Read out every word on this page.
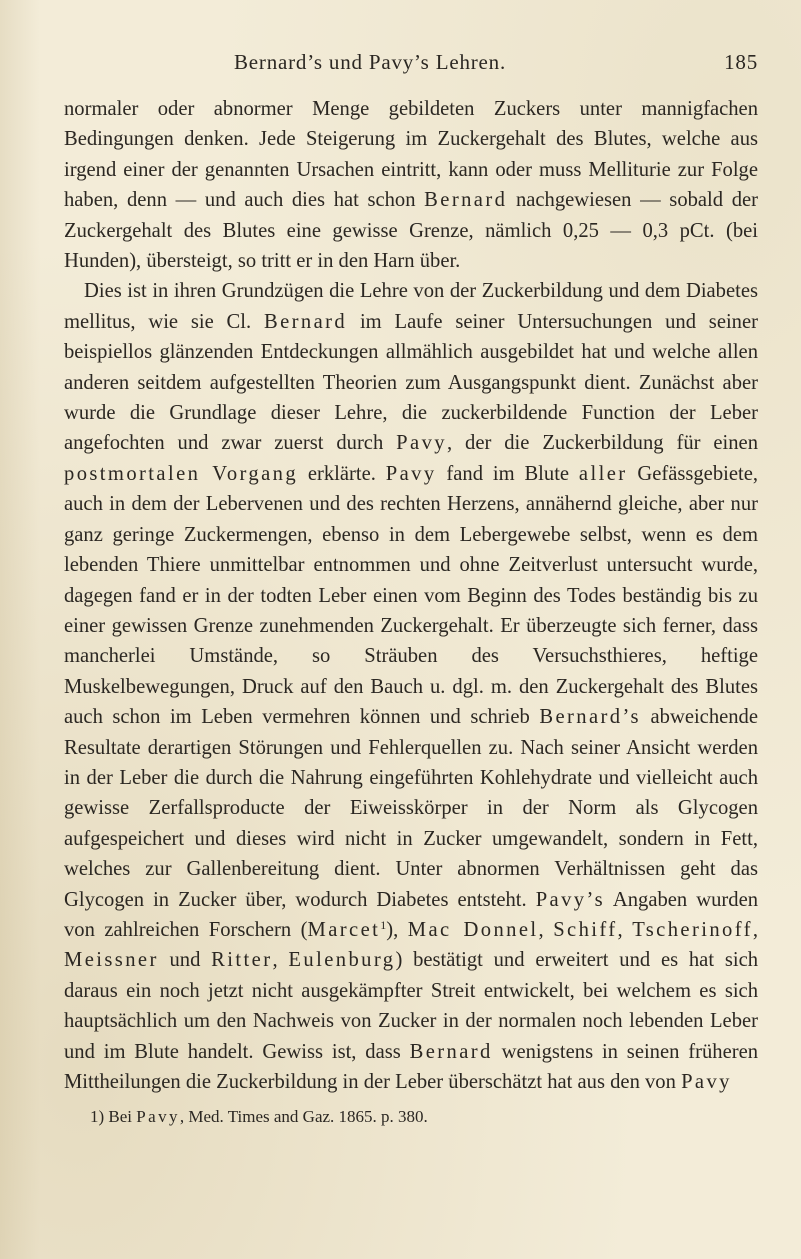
Bernard’s und Pavy’s Lehren.	185

normaler oder abnormer Menge gebildeten Zuckers unter mannigfachen Bedingungen denken. Jede Steigerung im Zuckergehalt des Blutes, welche aus irgend einer der genannten Ursachen eintritt, kann oder muss Melliturie zur Folge haben, denn — und auch dies hat schon Bernard nachgewiesen — sobald der Zuckergehalt des Blutes eine gewisse Grenze, nämlich 0,25 — 0,3 pCt. (bei Hunden), übersteigt, so tritt er in den Harn über.

Dies ist in ihren Grundzügen die Lehre von der Zuckerbildung und dem Diabetes mellitus, wie sie Cl. Bernard im Laufe seiner Untersuchungen und seiner beispiellos glänzenden Entdeckungen allmählich ausgebildet hat und welche allen anderen seitdem aufgestellten Theorien zum Ausgangspunkt dient. Zunächst aber wurde die Grundlage dieser Lehre, die zuckerbildende Function der Leber angefochten und zwar zuerst durch Pavy, der die Zuckerbildung für einen postmortalen Vorgang erklärte. Pavy fand im Blute aller Gefässgebiete, auch in dem der Lebervenen und des rechten Herzens, annähernd gleiche, aber nur ganz geringe Zuckermengen, ebenso in dem Lebergewebe selbst, wenn es dem lebenden Thiere unmittelbar entnommen und ohne Zeitverlust untersucht wurde, dagegen fand er in der todten Leber einen vom Beginn des Todes beständig bis zu einer gewissen Grenze zunehmenden Zuckergehalt. Er überzeugte sich ferner, dass mancherlei Umstände, so Sträuben des Versuchsthieres, heftige Muskelbewegungen, Druck auf den Bauch u. dgl. m. den Zuckergehalt des Blutes auch schon im Leben vermehren können und schrieb Bernard’s abweichende Resultate derartigen Störungen und Fehlerquellen zu. Nach seiner Ansicht werden in der Leber die durch die Nahrung eingeführten Kohlehydrate und vielleicht auch gewisse Zerfallsproducte der Eiweisskörper in der Norm als Glycogen aufgespeichert und dieses wird nicht in Zucker umgewandelt, sondern in Fett, welches zur Gallenbereitung dient. Unter abnormen Verhältnissen geht das Glycogen in Zucker über, wodurch Diabetes entsteht. Pavy’s Angaben wurden von zahlreichen Forschern (Marcet$^1$), Mac Donnel, Schiff, Tscherinoff, Meissner und Ritter, Eulenburg) bestätigt und erweitert und es hat sich daraus ein noch jetzt nicht ausgekämpfter Streit entwickelt, bei welchem es sich hauptsächlich um den Nachweis von Zucker in der normalen noch lebenden Leber und im Blute handelt. Gewiss ist, dass Bernard wenigstens in seinen früheren Mittheilungen die Zuckerbildung in der Leber überschätzt hat aus den von Pavy

1) Bei Pavy, Med. Times and Gaz. 1865. p. 380.
